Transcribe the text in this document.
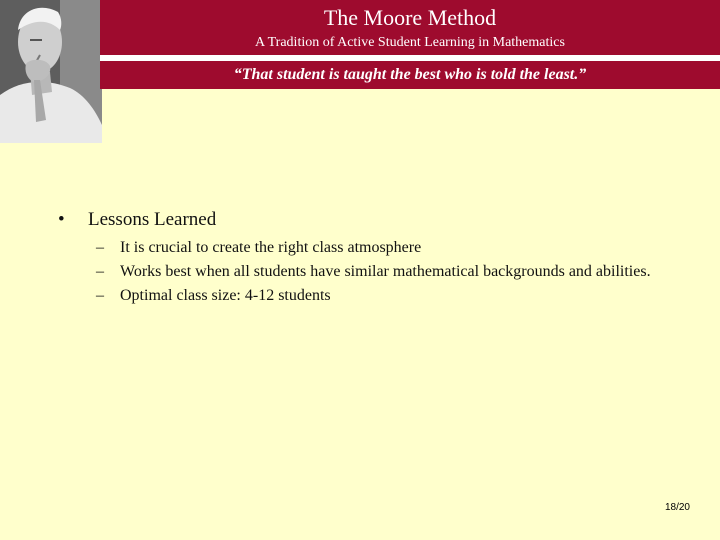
The Moore Method
A Tradition of Active Student Learning in Mathematics
“That student is taught the best who is told the least.”
• Lessons Learned
– It is crucial to create the right class atmosphere
– Works best when all students have similar mathematical backgrounds and abilities.
– Optimal class size: 4-12 students
18/20
